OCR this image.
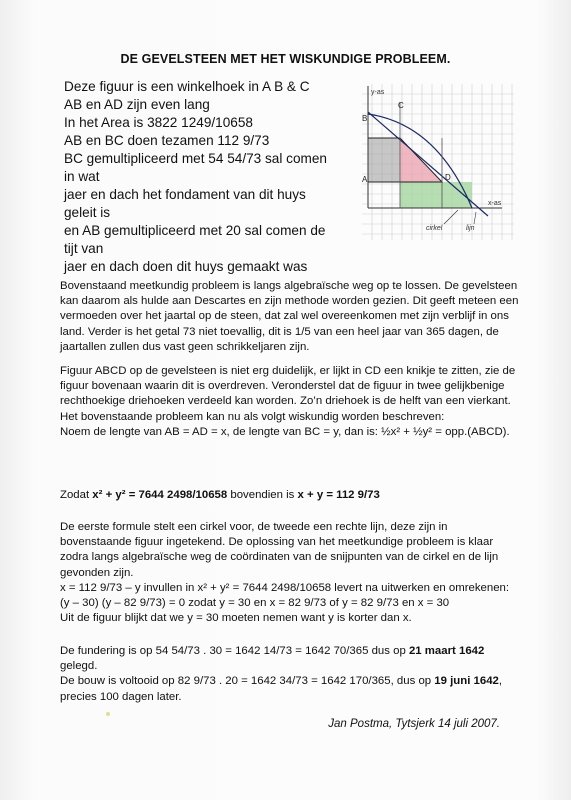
DE GEVELSTEEN MET HET WISKUNDIGE PROBLEEM.
Deze figuur is een winkelhoek in A B & C
AB en AD zijn even lang
In het Area is 3822 1249/10658
AB en BC doen tezamen 112 9/73
BC gemultipliceerd met 54 54/73 sal comen
in wat
jaer en dach het fondament van dit huys
geleit is
en AB gemultipliceerd met 20 sal comen de
tijt van
jaer en dach doen dit huys gemaakt was
y-as
x-as
B
C
A	D
cirkel	lijn

Bovenstaand meetkundig probleem is langs algebraïsche weg op te lossen. De gevelsteen kan daarom als hulde aan Descartes en zijn methode worden gezien. Dit geeft meteen een vermoeden over het jaartal op de steen, dat zal wel overeenkomen met zijn verblijf in ons land. Verder is het getal 73 niet toevallig, dit is 1/5 van een heel jaar van 365 dagen, de jaartallen zullen dus vast geen schrikkeljaren zijn.

Figuur ABCD op de gevelsteen is niet erg duidelijk, er lijkt in CD een knikje te zitten, zie de figuur bovenaan waarin dit is overdreven. Veronderstel dat de figuur in twee gelijkbenige rechthoekige driehoeken verdeeld kan worden. Zo’n driehoek is de helft van een vierkant. Het bovenstaande probleem kan nu als volgt wiskundig worden beschreven:

Noem de lengte van AB = AD = x, de lengte van BC = y, dan is: ½x² + ½y² = opp.(ABCD).

Zodat x² + y² = 7644 2498/10658 bovendien is x + y = 112 9/73

De eerste formule stelt een cirkel voor, de tweede een rechte lijn, deze zijn in bovenstaande figuur ingetekend. De oplossing van het meetkundige probleem is klaar zodra langs algebraïsche weg de coördinaten van de snijpunten van de cirkel en de lijn gevonden zijn.

x = 112 9/73 – y invullen in x² + y² = 7644 2498/10658 levert na uitwerken en omrekenen:

(y – 30) (y – 82 9/73) = 0 zodat y = 30 en x = 82 9/73 of y = 82 9/73 en x = 30

Uit de figuur blijkt dat we y = 30 moeten nemen want y is korter dan x.

De fundering is op 54 54/73 . 30 = 1642 14/73 = 1642 70/365 dus op 21 maart 1642 gelegd.

De bouw is voltooid op 82 9/73 . 20 = 1642 34/73 = 1642 170/365, dus op 19 juni 1642, precies 100 dagen later.

Jan Postma, Tytsjerk 14 juli 2007.
